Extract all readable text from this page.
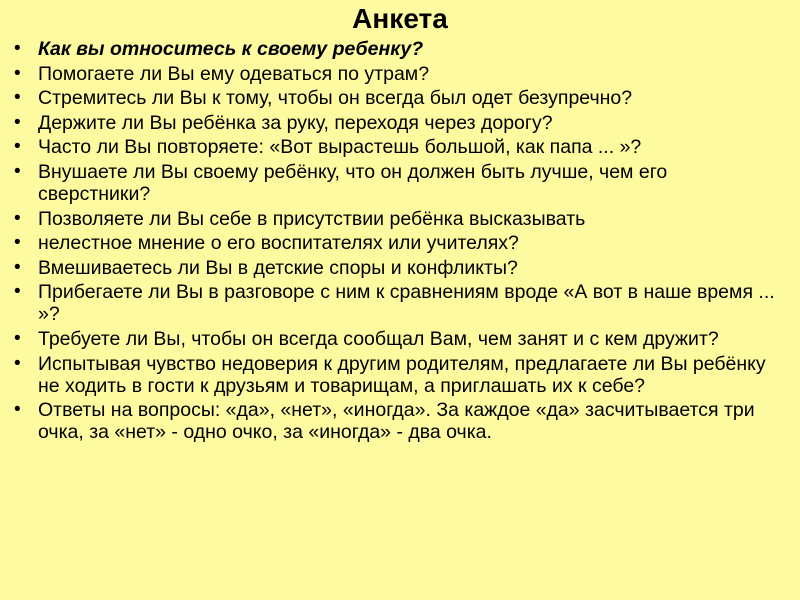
Анкета
• Как вы относитесь к своему ребенку?
• Помогаете ли Вы ему одеваться по утрам?
• Стремитесь ли Вы к тому, чтобы он всегда был одет безупречно?
• Держите ли Вы ребёнка за руку, переходя через дорогу?
• Часто ли Вы повторяете: «Вот вырастешь большой, как папа ... »?
• Внушаете ли Вы своему ребёнку, что он должен быть лучше, чем его сверстники?
• Позволяете ли Вы себе в присутствии ребёнка высказывать
• нелестное мнение о его воспитателях или учителях?
• Вмешиваетесь ли Вы в детские споры и конфликты?
• Прибегаете ли Вы в разговоре с ним к сравнениям вроде «А вот в наше время ... »?
• Требуете ли Вы, чтобы он всегда сообщал Вам, чем занят и с кем дружит?
• Испытывая чувство недоверия к другим родителям, предлагаете ли Вы ребёнку не ходить в гости к друзьям и товарищам, а приглашать их к себе?
• Ответы на вопросы: «да», «нет», «иногда». За каждое «да» засчитывается три очка, за «нет» - одно очко, за «иногда» - два очка.
